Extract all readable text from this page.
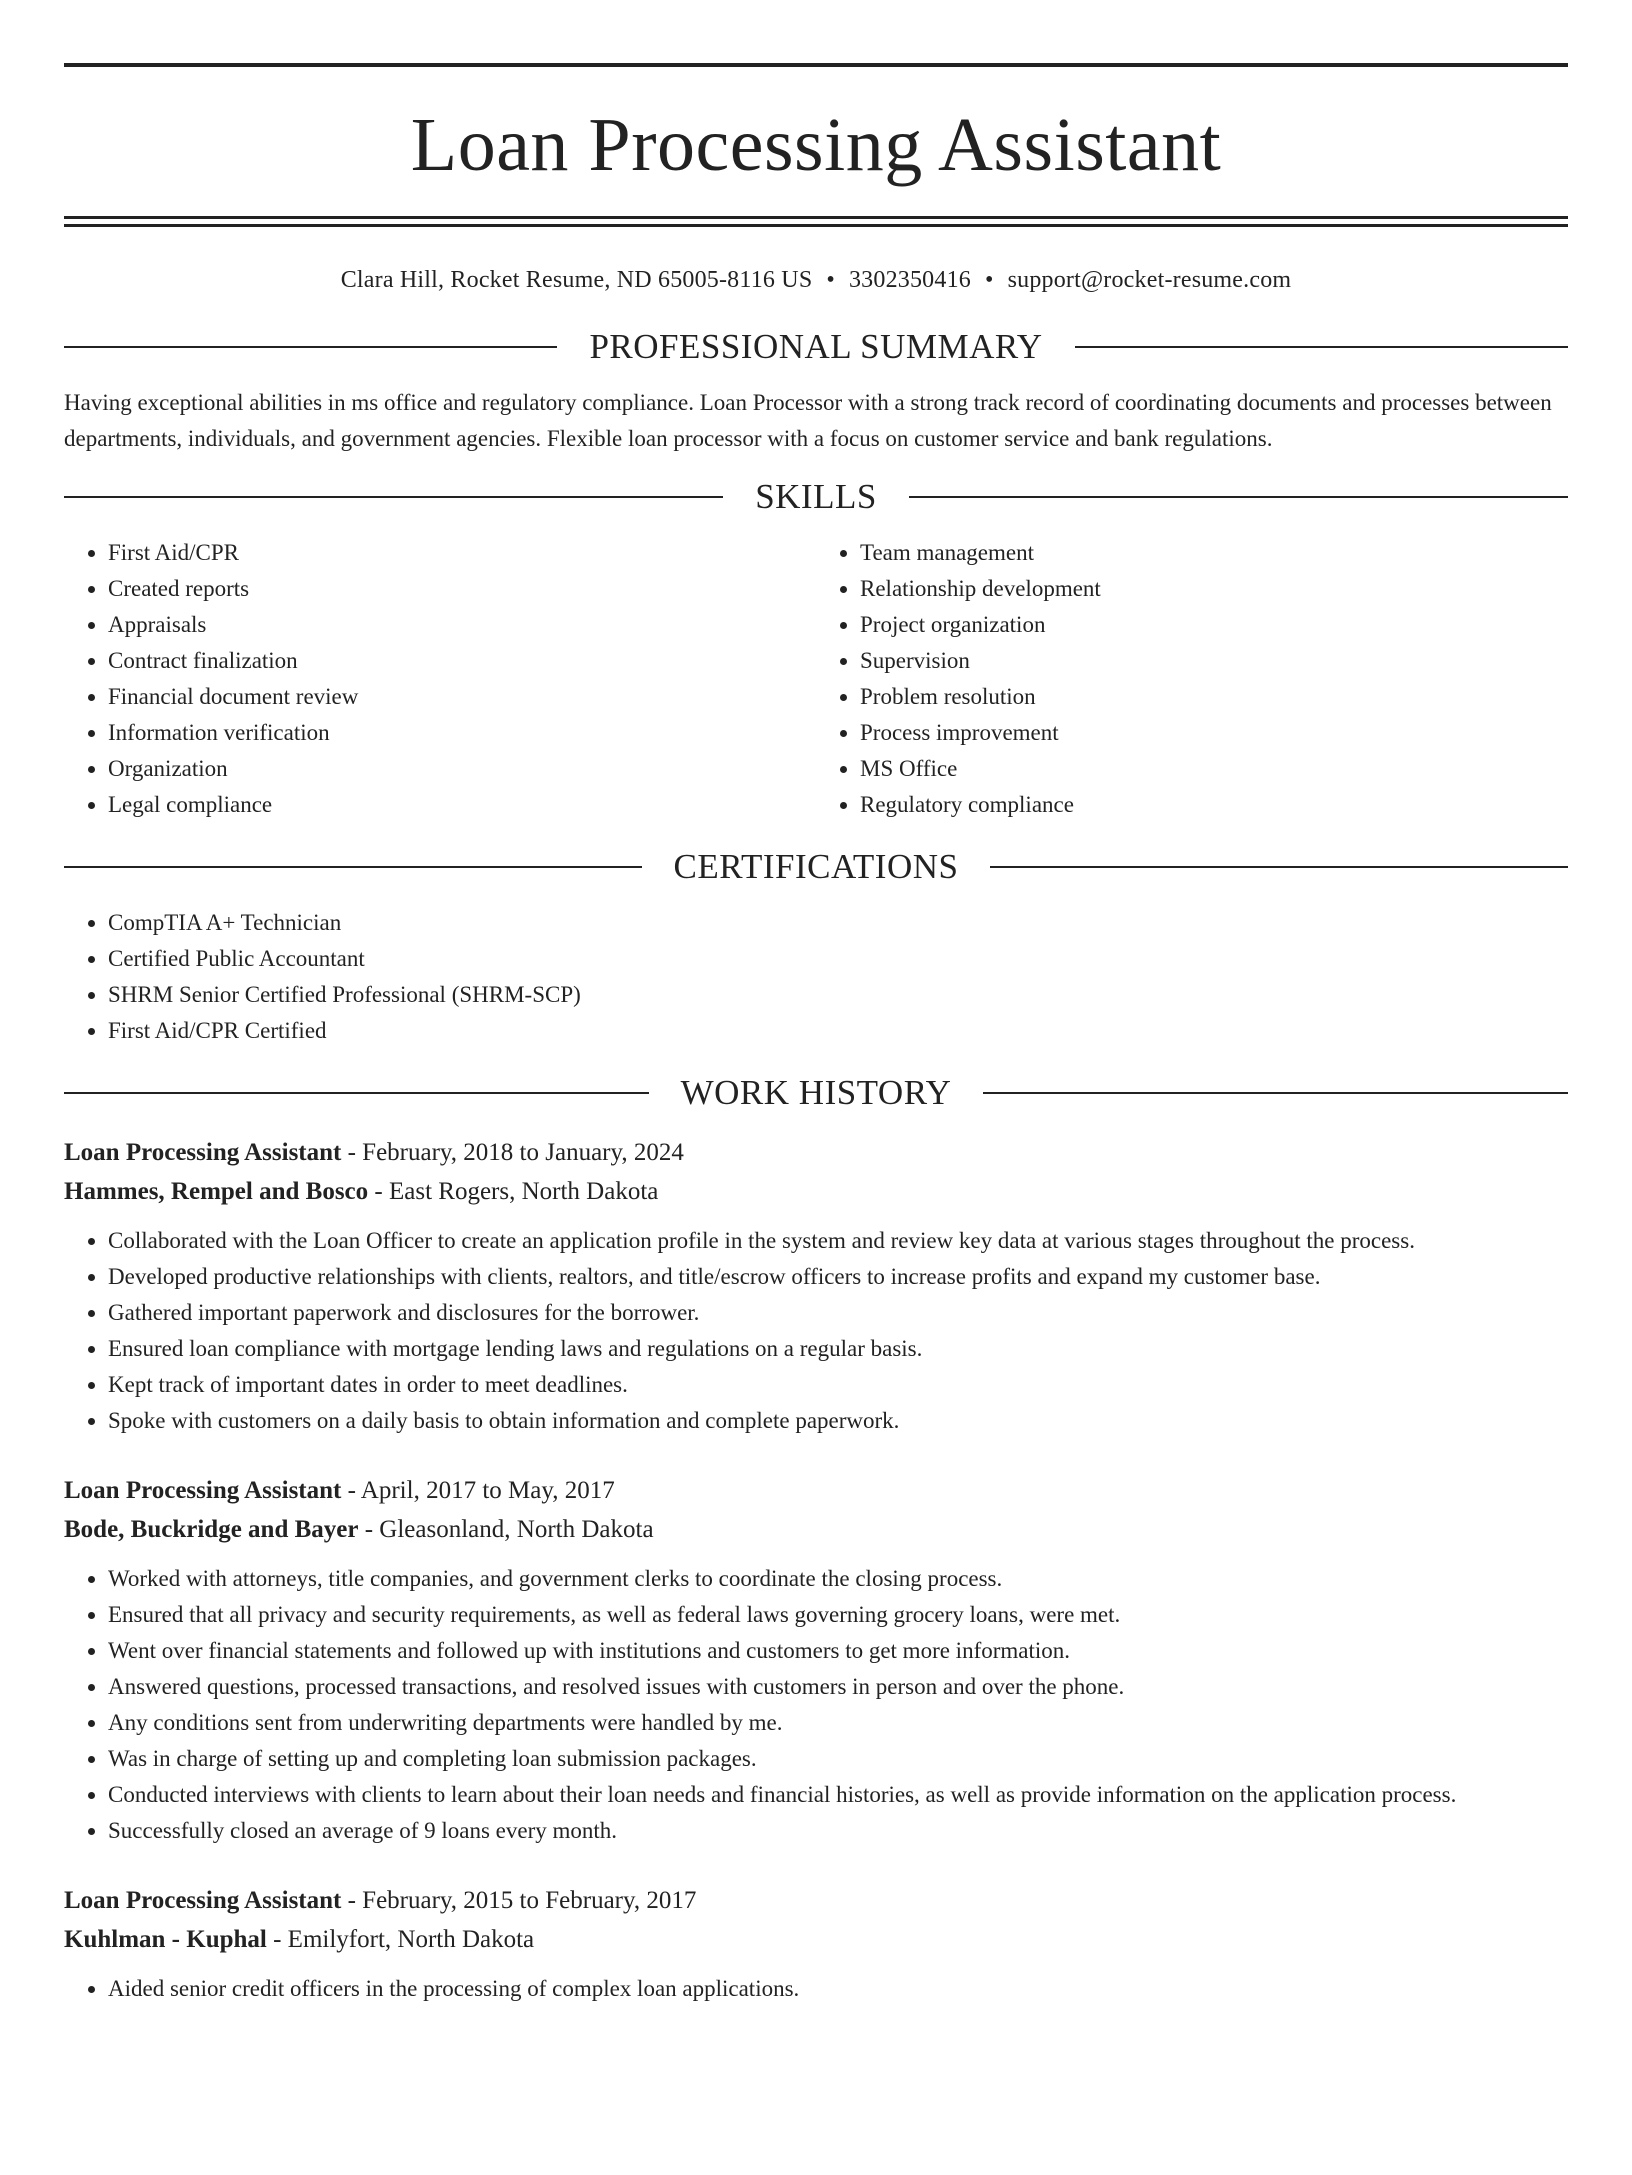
Loan Processing Assistant
Clara Hill, Rocket Resume, ND 65005-8116 US • 3302350416 • support@rocket-resume.com
PROFESSIONAL SUMMARY

Having exceptional abilities in ms office and regulatory compliance. Loan Processor with a strong track record of coordinating documents and processes between departments, individuals, and government agencies. Flexible loan processor with a focus on customer service and bank regulations.

SKILLS
• First Aid/CPR
• Created reports
• Appraisals
• Contract finalization
• Financial document review
• Information verification
• Organization
• Legal compliance
• Team management
• Relationship development
• Project organization
• Supervision
• Problem resolution
• Process improvement
• MS Office
• Regulatory compliance
CERTIFICATIONS
• CompTIA A+ Technician
• Certified Public Accountant
• SHRM Senior Certified Professional (SHRM-SCP)
• First Aid/CPR Certified
WORK HISTORY
Loan Processing Assistant - February, 2018 to January, 2024
Hammes, Rempel and Bosco - East Rogers, North Dakota
• Collaborated with the Loan Officer to create an application profile in the system and review key data at various stages throughout the process.
• Developed productive relationships with clients, realtors, and title/escrow officers to increase profits and expand my customer base.
• Gathered important paperwork and disclosures for the borrower.
• Ensured loan compliance with mortgage lending laws and regulations on a regular basis.
• Kept track of important dates in order to meet deadlines.
• Spoke with customers on a daily basis to obtain information and complete paperwork.
Loan Processing Assistant - April, 2017 to May, 2017
Bode, Buckridge and Bayer - Gleasonland, North Dakota
• Worked with attorneys, title companies, and government clerks to coordinate the closing process.
• Ensured that all privacy and security requirements, as well as federal laws governing grocery loans, were met.
• Went over financial statements and followed up with institutions and customers to get more information.
• Answered questions, processed transactions, and resolved issues with customers in person and over the phone.
• Any conditions sent from underwriting departments were handled by me.
• Was in charge of setting up and completing loan submission packages.
• Conducted interviews with clients to learn about their loan needs and financial histories, as well as provide information on the application process.
• Successfully closed an average of 9 loans every month.
Loan Processing Assistant - February, 2015 to February, 2017
Kuhlman - Kuphal - Emilyfort, North Dakota
• Aided senior credit officers in the processing of complex loan applications.
